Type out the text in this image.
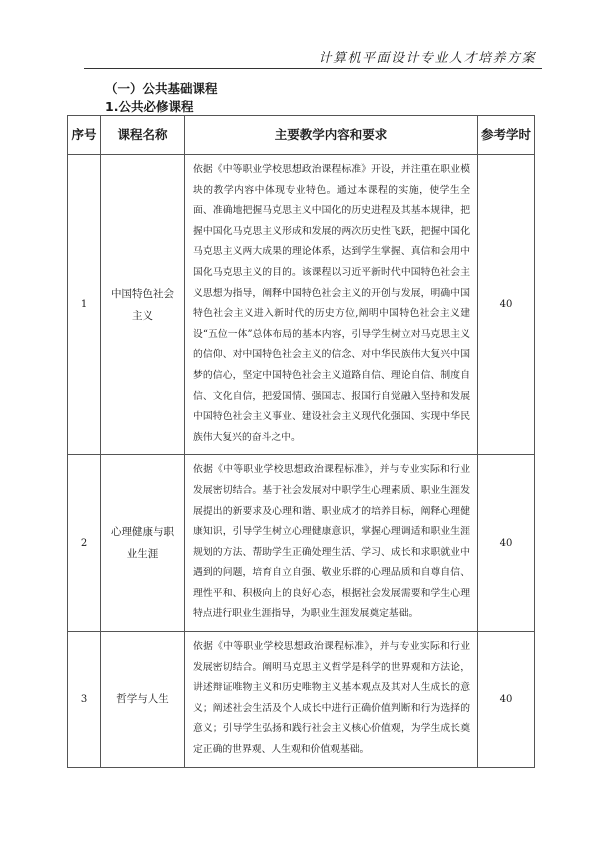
计算机平面设计专业人才培养方案
（一）公共基础课程
1.公共必修课程
序号	课程名称	主要教学内容和要求	参考学时
1	中国特色社会主义	依据《中等职业学校思想政治课程标准》开设，并注重在职业模块的教学内容中体现专业特色。通过本课程的实施，使学生全面、准确地把握马克思主义中国化的历史进程及其基本规律，把握中国化马克思主义形成和发展的两次历史性飞跃，把握中国化马克思主义两大成果的理论体系，达到学生掌握、真信和会用中国化马克思主义的目的。该课程以习近平新时代中国特色社会主义思想为指导，阐释中国特色社会主义的开创与发展，明确中国特色社会主义进入新时代的历史方位,阐明中国特色社会主义建设“五位一体”总体布局的基本内容，引导学生树立对马克思主义的信仰、对中国特色社会主义的信念、对中华民族伟大复兴中国梦的信心，坚定中国特色社会主义道路自信、理论自信、制度自信、文化自信，把爱国情、强国志、报国行自觉融入坚持和发展中国特色社会主义事业、建设社会主义现代化强国、实现中华民族伟大复兴的奋斗之中。	40
2	心理健康与职业生涯	依据《中等职业学校思想政治课程标准》，并与专业实际和行业发展密切结合。基于社会发展对中职学生心理素质、职业生涯发展提出的新要求及心理和谐、职业成才的培养目标，阐释心理健康知识，引导学生树立心理健康意识，掌握心理调适和职业生涯规划的方法、帮助学生正确处理生活、学习、成长和求职就业中遇到的问题，培育自立自强、敬业乐群的心理品质和自尊自信、理性平和、积极向上的良好心态，根据社会发展需要和学生心理特点进行职业生涯指导，为职业生涯发展奠定基础。	40
3	哲学与人生	依据《中等职业学校思想政治课程标准》，并与专业实际和行业发展密切结合。阐明马克思主义哲学是科学的世界观和方法论，讲述辩证唯物主义和历史唯物主义基本观点及其对人生成长的意义；阐述社会生活及个人成长中进行正确价值判断和行为选择的意义；引导学生弘扬和践行社会主义核心价值观，为学生成长奠定正确的世界观、人生观和价值观基础。	40
